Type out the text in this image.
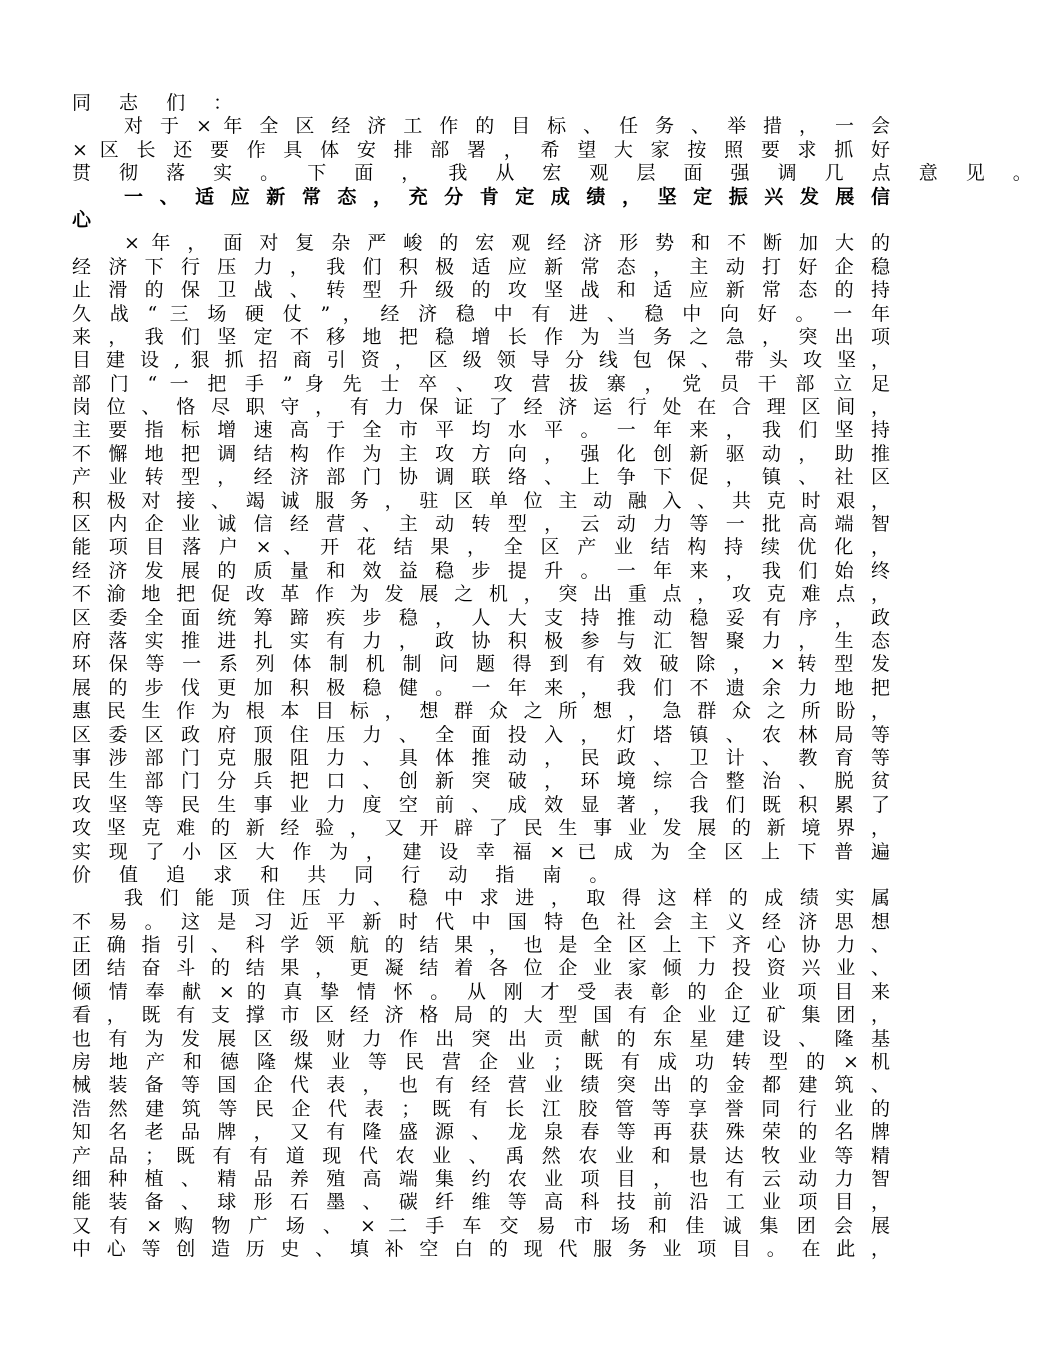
同 志 们 ：
对 于 × 年 全 区 经 济 工 作 的 目 标 、 任 务 、 举 措 ， 一 会
× 区 长 还 要 作 具 体 安 排 部 署 ， 希 望 大 家 按 照 要 求 抓 好
贯 彻 落 实 。 下 面 ， 我 从 宏 观 层 面 强 调 几 点 意 见 。
一 、 适 应 新 常 态 ， 充 分 肯 定 成 绩 ， 坚 定 振 兴 发 展 信
心
× 年 ， 面 对 复 杂 严 峻 的 宏 观 经 济 形 势 和 不 断 加 大 的
经 济 下 行 压 力 ， 我 们 积 极 适 应 新 常 态 ， 主 动 打 好 企 稳
止 滑 的 保 卫 战 、 转 型 升 级 的 攻 坚 战 和 适 应 新 常 态 的 持
久 战 “ 三 场 硬 仗 ” ， 经 济 稳 中 有 进 、 稳 中 向 好 。 一 年
来 ， 我 们 坚 定 不 移 地 把 稳 增 长 作 为 当 务 之 急 ， 突 出 项
目 建 设 , 狠 抓 招 商 引 资 ， 区 级 领 导 分 线 包 保 、 带 头 攻 坚 ，
部 门 “ 一 把 手 ” 身 先 士 卒 、 攻 营 拔 寨 ， 党 员 干 部 立 足
岗 位 、 恪 尽 职 守 ， 有 力 保 证 了 经 济 运 行 处 在 合 理 区 间 ，
主 要 指 标 增 速 高 于 全 市 平 均 水 平 。 一 年 来 ， 我 们 坚 持
不 懈 地 把 调 结 构 作 为 主 攻 方 向 ， 强 化 创 新 驱 动 ， 助 推
产 业 转 型 ， 经 济 部 门 协 调 联 络 、 上 争 下 促 ， 镇 、 社 区
积 极 对 接 、 竭 诚 服 务 ， 驻 区 单 位 主 动 融 入 、 共 克 时 艰 ，
区 内 企 业 诚 信 经 营 、 主 动 转 型 ， 云 动 力 等 一 批 高 端 智
能 项 目 落 户 × 、 开 花 结 果 ， 全 区 产 业 结 构 持 续 优 化 ，
经 济 发 展 的 质 量 和 效 益 稳 步 提 升 。 一 年 来 ， 我 们 始 终
不 渝 地 把 促 改 革 作 为 发 展 之 机 ， 突 出 重 点 ， 攻 克 难 点 ，
区 委 全 面 统 筹 蹄 疾 步 稳 ， 人 大 支 持 推 动 稳 妥 有 序 ， 政
府 落 实 推 进 扎 实 有 力 ， 政 协 积 极 参 与 汇 智 聚 力 ， 生 态
环 保 等 一 系 列 体 制 机 制 问 题 得 到 有 效 破 除 ， × 转 型 发
展 的 步 伐 更 加 积 极 稳 健 。 一 年 来 ， 我 们 不 遗 余 力 地 把
惠 民 生 作 为 根 本 目 标 ， 想 群 众 之 所 想 ， 急 群 众 之 所 盼 ，
区 委 区 政 府 顶 住 压 力 、 全 面 投 入 ， 灯 塔 镇 、 农 林 局 等
事 涉 部 门 克 服 阻 力 、 具 体 推 动 ， 民 政 、 卫 计 、 教 育 等
民 生 部 门 分 兵 把 口 、 创 新 突 破 ， 环 境 综 合 整 治 、 脱 贫
攻 坚 等 民 生 事 业 力 度 空 前 、 成 效 显 著 ， 我 们 既 积 累 了
攻 坚 克 难 的 新 经 验 ， 又 开 辟 了 民 生 事 业 发 展 的 新 境 界 ，
实 现 了 小 区 大 作 为 ， 建 设 幸 福 × 已 成 为 全 区 上 下 普 遍
价 值 追 求 和 共 同 行 动 指 南 。
我 们 能 顶 住 压 力 、 稳 中 求 进 ， 取 得 这 样 的 成 绩 实 属
不 易 。 这 是 习 近 平 新 时 代 中 国 特 色 社 会 主 义 经 济 思 想
正 确 指 引 、 科 学 领 航 的 结 果 ， 也 是 全 区 上 下 齐 心 协 力 、
团 结 奋 斗 的 结 果 ， 更 凝 结 着 各 位 企 业 家 倾 力 投 资 兴 业 、
倾 情 奉 献 × 的 真 挚 情 怀 。 从 刚 才 受 表 彰 的 企 业 项 目 来
看 ， 既 有 支 撑 市 区 经 济 格 局 的 大 型 国 有 企 业 辽 矿 集 团 ，
也 有 为 发 展 区 级 财 力 作 出 突 出 贡 献 的 东 星 建 设 、 隆 基
房 地 产 和 德 隆 煤 业 等 民 营 企 业 ； 既 有 成 功 转 型 的 × 机
械 装 备 等 国 企 代 表 ， 也 有 经 营 业 绩 突 出 的 金 都 建 筑 、
浩 然 建 筑 等 民 企 代 表 ； 既 有 长 江 胶 管 等 享 誉 同 行 业 的
知 名 老 品 牌 ， 又 有 隆 盛 源 、 龙 泉 春 等 再 获 殊 荣 的 名 牌
产 品 ； 既 有 有 道 现 代 农 业 、 禹 然 农 业 和 景 达 牧 业 等 精
细 种 植 、 精 品 养 殖 高 端 集 约 农 业 项 目 ， 也 有 云 动 力 智
能 装 备 、 球 形 石 墨 、 碳 纤 维 等 高 科 技 前 沿 工 业 项 目 ，
又 有 × 购 物 广 场 、 × 二 手 车 交 易 市 场 和 佳 诚 集 团 会 展
中 心 等 创 造 历 史 、 填 补 空 白 的 现 代 服 务 业 项 目 。 在 此 ，
